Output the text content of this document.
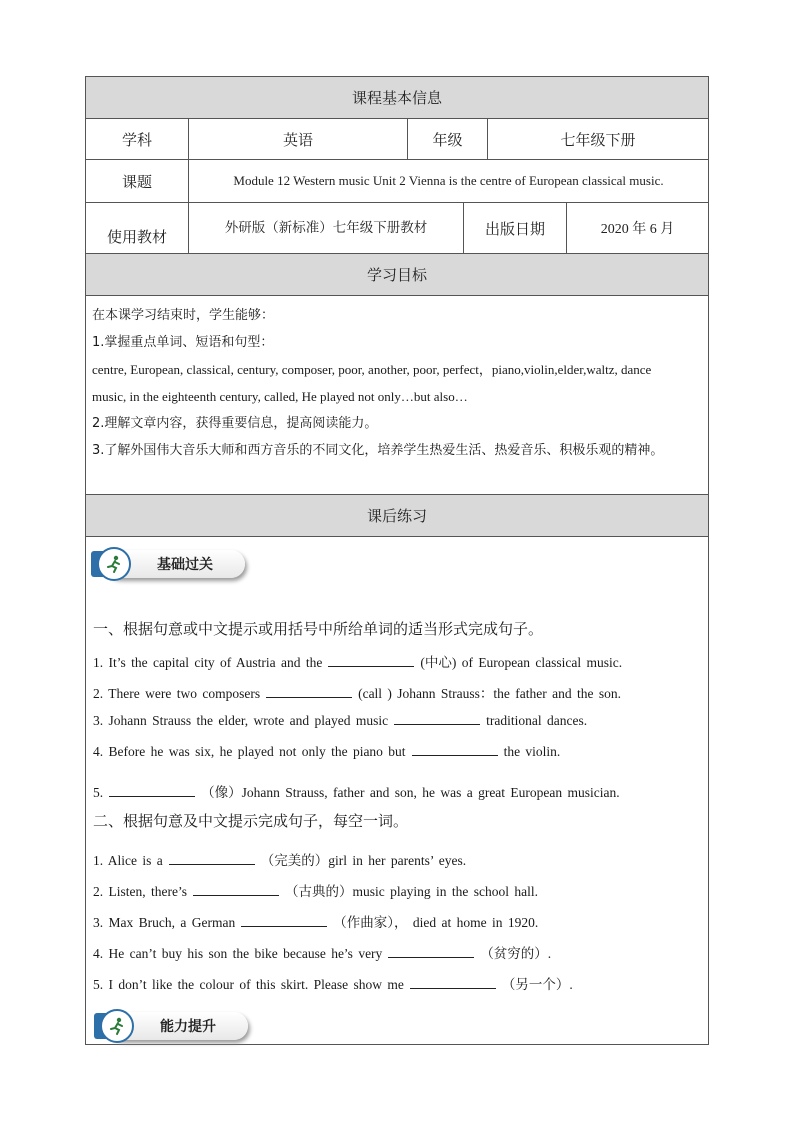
课程基本信息
学科	英语	年级	七年级下册
课题	Module 12 Western music Unit 2 Vienna is the centre of European classical music.
使用教材	外研版（新标准）七年级下册教材	出版日期	2020 年 6 月
学习目标
在本课学习结束时，学生能够：
1.掌握重点单词、短语和句型：
centre, European, classical, century, composer, poor, another, poor, perfect，piano,violin,elder,waltz, dance
music, in the eighteenth century, called, He played not only…but also…
2.理解文章内容，获得重要信息，提高阅读能力。
3.了解外国伟大音乐大师和西方音乐的不同文化，培养学生热爱生活、热爱音乐、积极乐观的精神。
课后练习
基础过关
一、根据句意或中文提示或用括号中所给单词的适当形式完成句子。
1. It’s the capital city of Austria and the	(中心) of European classical music.
2. There were two composers	(call ) Johann Strauss：the father and the son.
3. Johann Strauss the elder, wrote and played music	traditional dances.
4. Before he was six, he played not only the piano but	the violin.
5.	（像）Johann Strauss, father and son, he was a great European musician.
二、根据句意及中文提示完成句子，每空一词。
1. Alice is a	（完美的）girl in her parents’ eyes.
2. Listen, there’s	（古典的）music playing in the school hall.
3. Max Bruch, a German	（作曲家）， died at home in 1920.
4. He can’t buy his son the bike because he’s very	（贫穷的）.
5. I don’t like the colour of this skirt. Please show me	（另一个）.
能力提升
